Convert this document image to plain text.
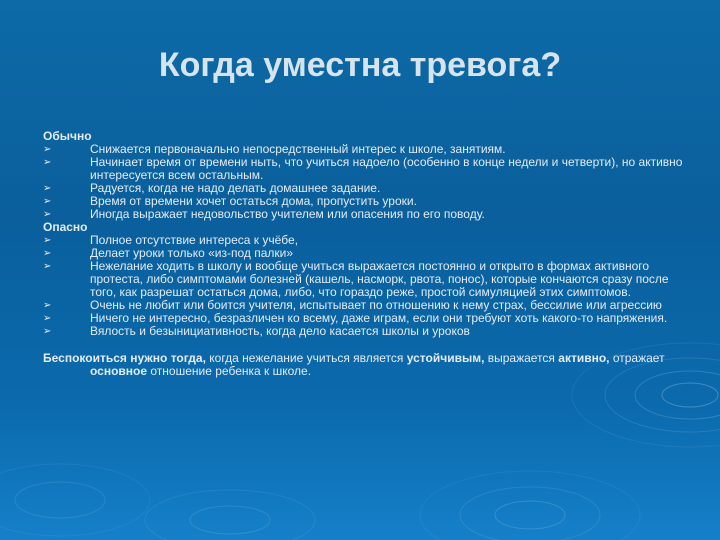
Когда уместна тревога?
Обычно
➢	Снижается первоначально непосредственный интерес к школе, занятиям.
➢	Начинает время от времени ныть, что учиться надоело (особенно в конце недели и четверти), но активно интересуется всем остальным.
➢	Радуется, когда не надо делать домашнее задание.
➢	Время от времени хочет остаться дома, пропустить уроки.
➢	Иногда выражает недовольство учителем или опасения по его поводу.
Опасно
➢	Полное отсутствие интереса к учёбе,
➢	Делает уроки только «из-под палки»
➢	Нежелание ходить в школу и вообще учиться выражается постоянно и открыто в формах активного протеста, либо симптомами болезней (кашель, насморк, рвота, понос), которые кончаются сразу после того, как разрешат остаться дома, либо, что гораздо реже, простой симуляцией этих симптомов.
➢	Очень не любит или боится учителя, испытывает по отношению к нему страх, бессилие или агрессию
➢	Ничего не интересно, безразличен ко всему, даже играм, если они требуют хоть какого-то напряжения.
➢	Вялость и безынициативность, когда дело касается школы и уроков

Беспокоиться нужно тогда, когда нежелание учиться является устойчивым, выражается активно, отражает основное отношение ребенка к школе.
